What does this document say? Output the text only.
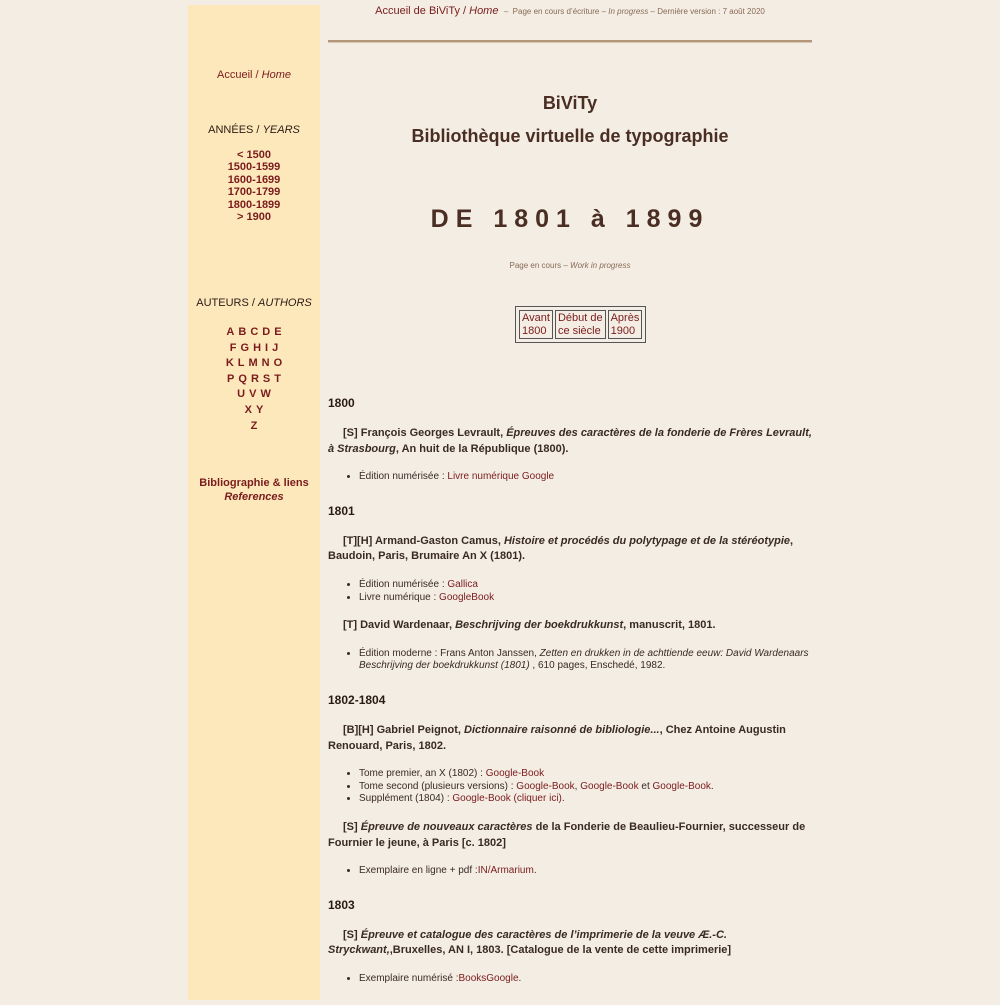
Accueil / Home
ANNÉES / YEARS
< 1500
1500-1599
1600-1699
1700-1799
1800-1899
> 1900
AUTEURS / AUTHORS
A B C D E
F G H I J
K L M N O
P Q R S T
U V W
X Y
Z
Bibliographie & liens
References
Accueil de BiViTy / Home  –  Page en cours d’écriture – In progress – Dernière version : 7 août 2020
BiViTy
Bibliothèque virtuelle de typographie
DE 1801 à 1899
Page en cours – Work in progress
Avant
1800

Début de
ce siècle

Après
1900
1800

[S] François Georges Levrault, Épreuves des caractères de la fonderie de Frères Levrault, à Strasbourg, An huit de la République (1800).

• Édition numérisée : Livre numérique Google
1801

[T][H] Armand-Gaston Camus, Histoire et procédés du polytypage et de la stéréotypie, Baudoin, Paris, Brumaire An X (1801).

• Édition numérisée : Gallica
• Livre numérique : GoogleBook

[T] David Wardenaar, Beschrijving der boekdrukkunst, manuscrit, 1801.

• Édition moderne : Frans Anton Janssen, Zetten en drukken in de achttiende eeuw: David Wardenaars Beschrijving der boekdrukkunst (1801) , 610 pages, Enschedé, 1982.
1802-1804

[B][H] Gabriel Peignot, Dictionnaire raisonné de bibliologie..., Chez Antoine Augustin Renouard, Paris, 1802.

• Tome premier, an X (1802) : Google-Book
• Tome second (plusieurs versions) : Google-Book, Google-Book et Google-Book.
• Supplément (1804) : Google-Book (cliquer ici).

[S] Épreuve de nouveaux caractères de la Fonderie de Beaulieu-Fournier, successeur de Fournier le jeune, à Paris [c. 1802]

• Exemplaire en ligne + pdf :IN/Armarium.
1803

[S] Épreuve et catalogue des caractères de l’imprimerie de la veuve Æ.-C. Stryckwant,,Bruxelles, AN I, 1803. [Catalogue de la vente de cette imprimerie]

• Exemplaire numérisé :BooksGoogle.
